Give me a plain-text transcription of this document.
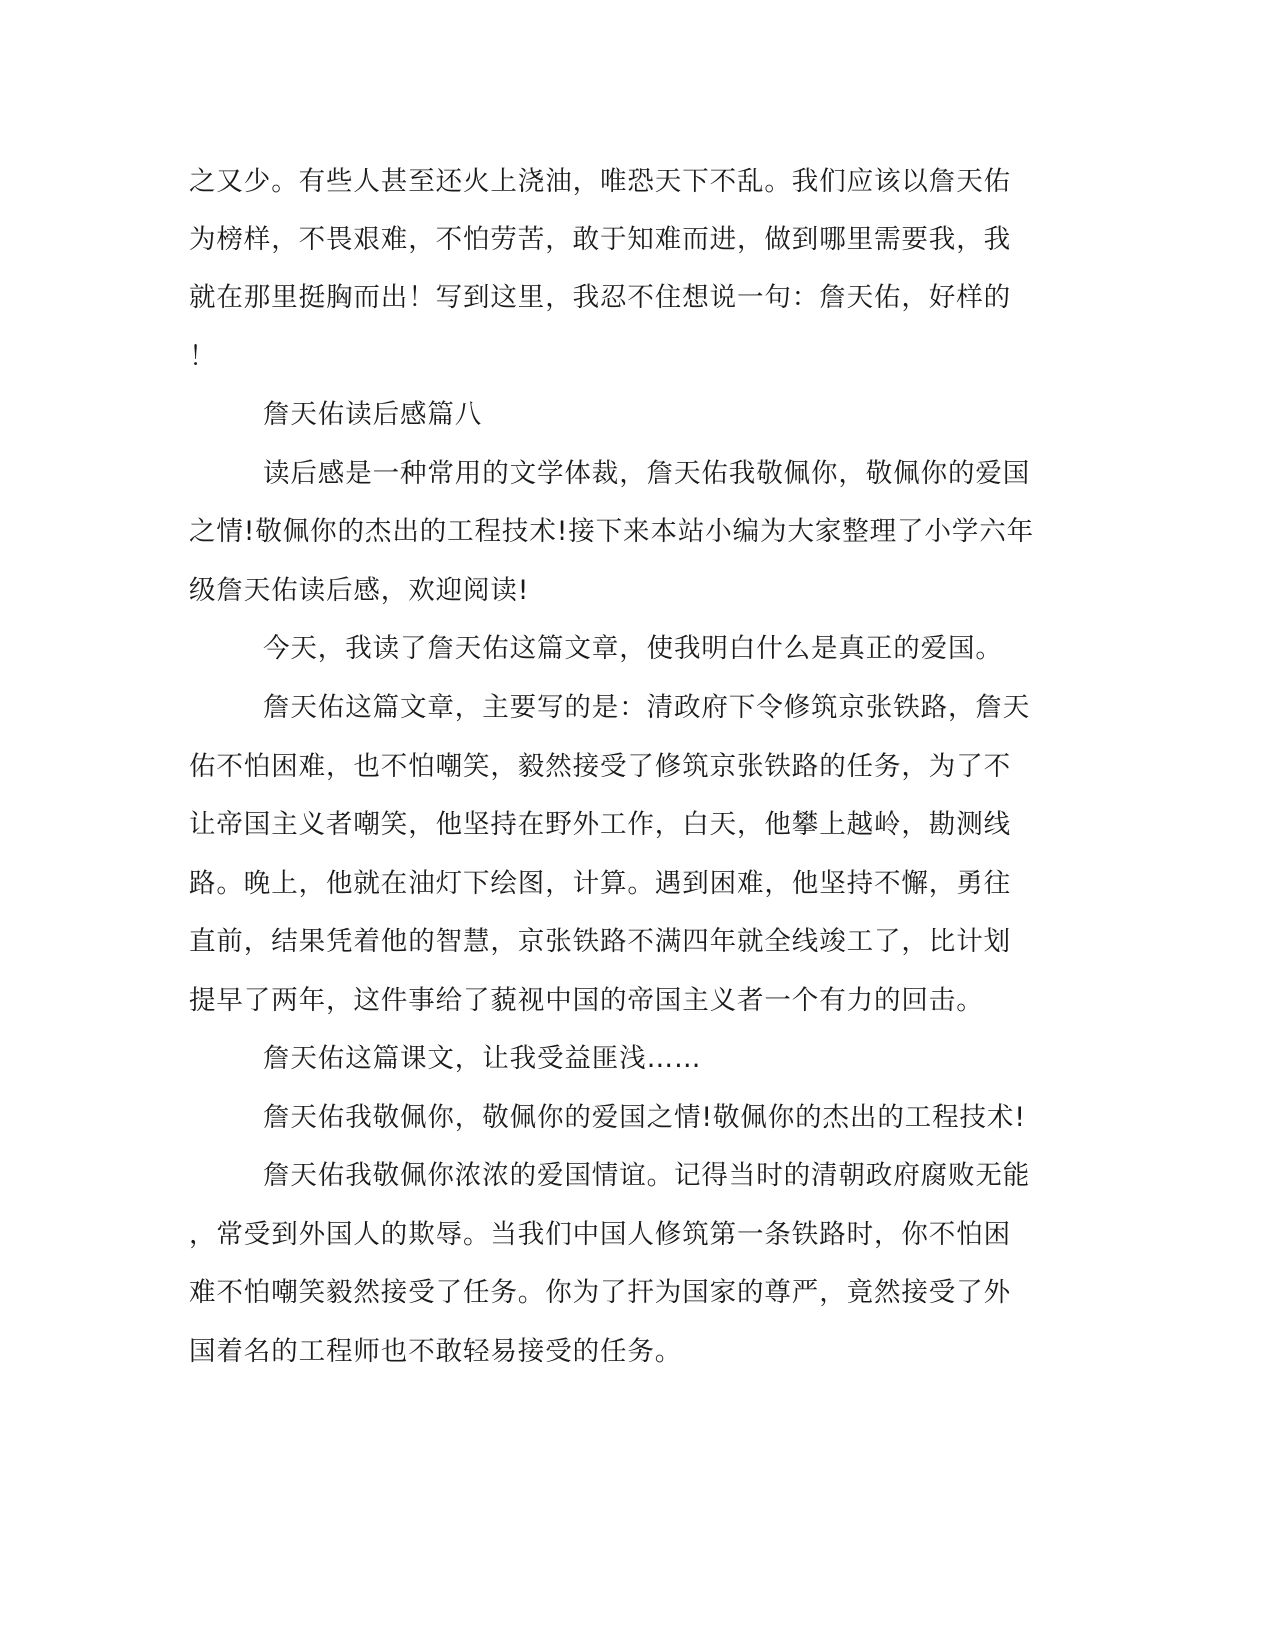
之又少。有些人甚至还火上浇油，唯恐天下不乱。我们应该以詹天佑
为榜样，不畏艰难，不怕劳苦，敢于知难而进，做到哪里需要我，我
就在那里挺胸而出！写到这里，我忍不住想说一句：詹天佑，好样的
！
詹天佑读后感篇八
读后感是一种常用的文学体裁，詹天佑我敬佩你，敬佩你的爱国
之情!敬佩你的杰出的工程技术!接下来本站小编为大家整理了小学六年
级詹天佑读后感，欢迎阅读!
今天，我读了詹天佑这篇文章，使我明白什么是真正的爱国。
詹天佑这篇文章，主要写的是：清政府下令修筑京张铁路，詹天
佑不怕困难，也不怕嘲笑，毅然接受了修筑京张铁路的任务，为了不
让帝国主义者嘲笑，他坚持在野外工作，白天，他攀上越岭，勘测线
路。晚上，他就在油灯下绘图，计算。遇到困难，他坚持不懈，勇往
直前，结果凭着他的智慧，京张铁路不满四年就全线竣工了，比计划
提早了两年，这件事给了藐视中国的帝国主义者一个有力的回击。
詹天佑这篇课文，让我受益匪浅……
詹天佑我敬佩你，敬佩你的爱国之情!敬佩你的杰出的工程技术!
詹天佑我敬佩你浓浓的爱国情谊。记得当时的清朝政府腐败无能
，常受到外国人的欺辱。当我们中国人修筑第一条铁路时，你不怕困
难不怕嘲笑毅然接受了任务。你为了扞为国家的尊严，竟然接受了外
国着名的工程师也不敢轻易接受的任务。
